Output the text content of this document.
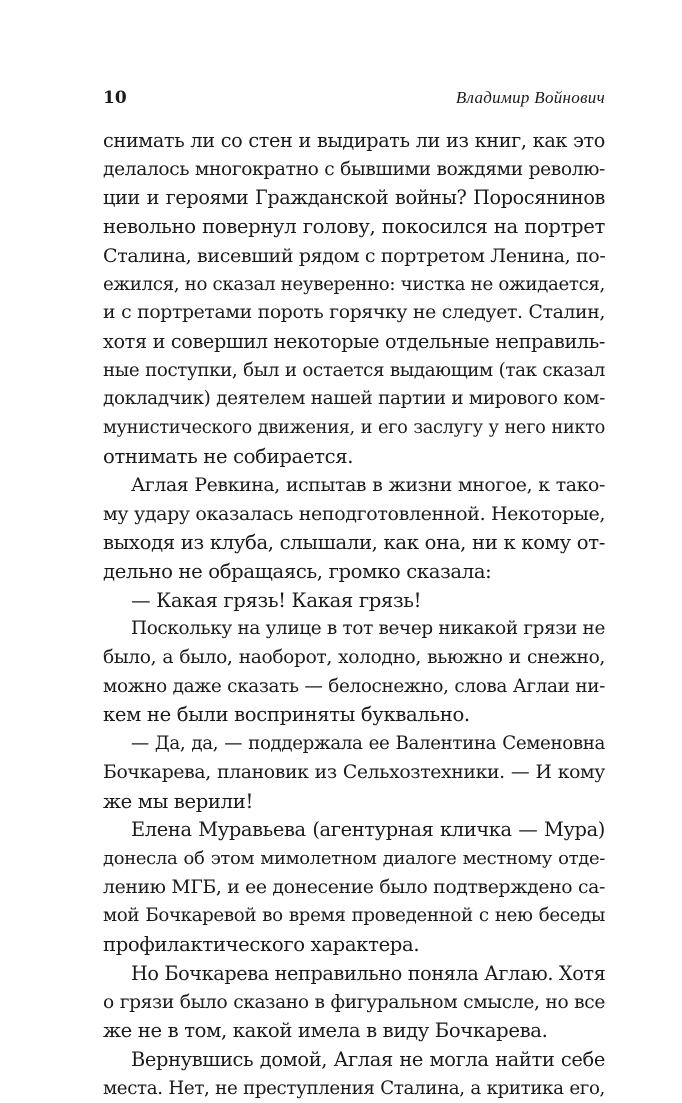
10	Владимир Войнович
снимать ли со стен и выдирать ли из книг, как это
делалось многократно с бывшими вождями револю-
ции и героями Гражданской войны? Поросянинов
невольно повернул голову, покосился на портрет
Сталина, висевший рядом с портретом Ленина, по-
ежился, но сказал неуверенно: чистка не ожидается,
и с портретами пороть горячку не следует. Сталин,
хотя и совершил некоторые отдельные неправиль-
ные поступки, был и остается выдающим (так сказал
докладчик) деятелем нашей партии и мирового ком-
мунистического движения, и его заслугу у него никто
отнимать не собирается.
Аглая Ревкина, испытав в жизни многое, к тако-
му удару оказалась неподготовленной. Некоторые,
выходя из клуба, слышали, как она, ни к кому от-
дельно не обращаясь, громко сказала:
— Какая грязь! Какая грязь!
Поскольку на улице в тот вечер никакой грязи не
было, а было, наоборот, холодно, вьюжно и снежно,
можно даже сказать — белоснежно, слова Аглаи ни-
кем не были восприняты буквально.
— Да, да, — поддержала ее Валентина Семеновна
Бочкарева, плановик из Сельхозтехники. — И кому
же мы верили!
Елена Муравьева (агентурная кличка — Мура)
донесла об этом мимолетном диалоге местному отде-
лению МГБ, и ее донесение было подтверждено са-
мой Бочкаревой во время проведенной с нею беседы
профилактического характера.
Но Бочкарева неправильно поняла Аглаю. Хотя
о грязи было сказано в фигуральном смысле, но все
же не в том, какой имела в виду Бочкарева.
Вернувшись домой, Аглая не могла найти себе
места. Нет, не преступления Сталина, а критика его,
